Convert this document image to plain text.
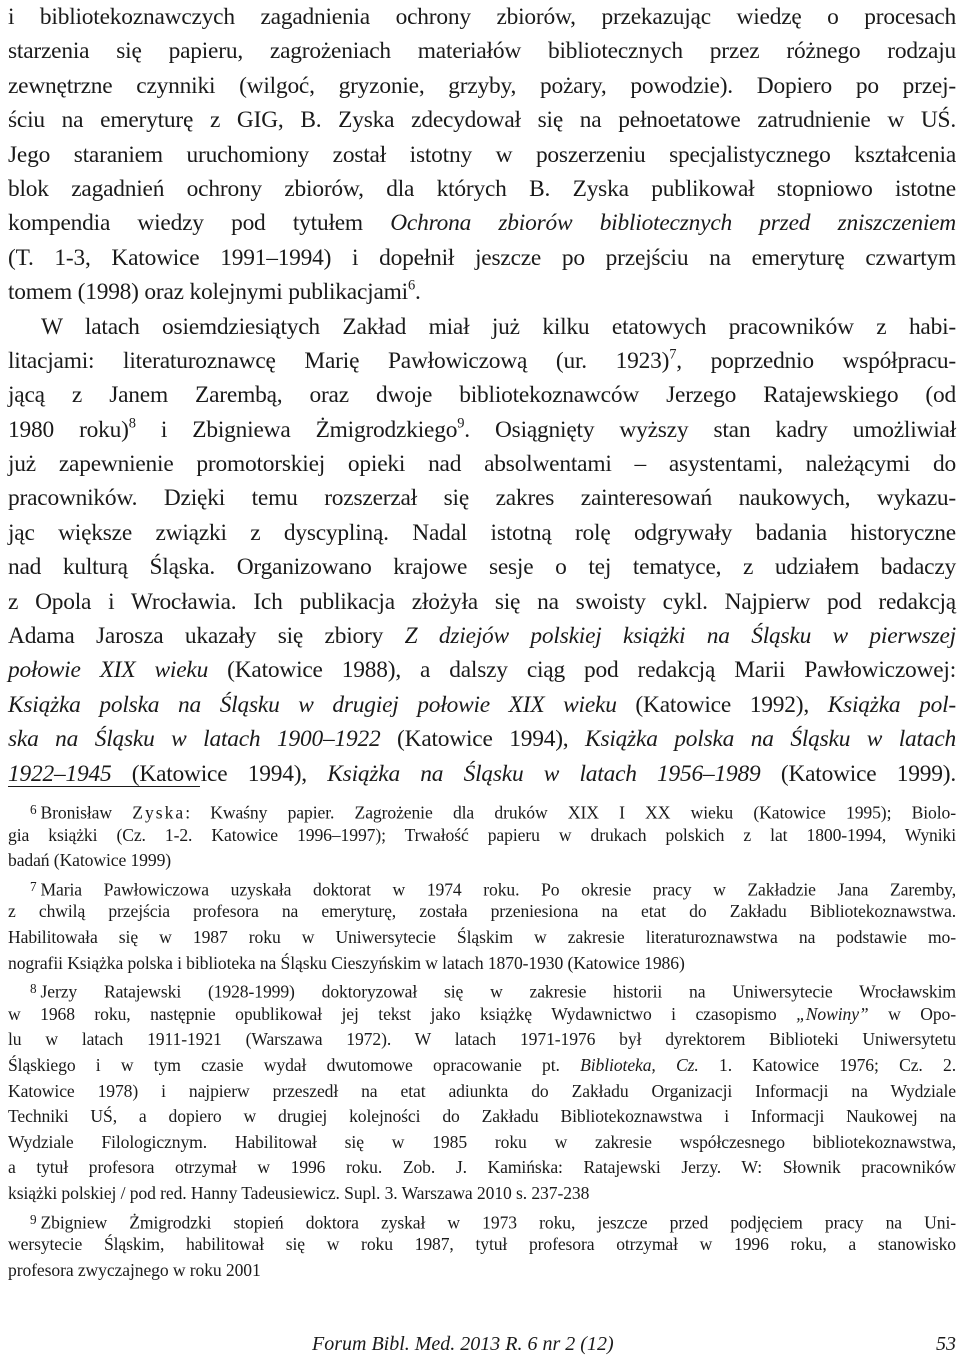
i bibliotekoznawczych zagadnienia ochrony zbiorów, przekazując wiedzę o procesach
starzenia się papieru, zagrożeniach materiałów bibliotecznych przez różnego rodzaju
zewnętrzne czynniki (wilgoć, gryzonie, grzyby, pożary, powodzie). Dopiero po przej-
ściu na emeryturę z GIG, B. Zyska zdecydował się na pełnoetatowe zatrudnienie w UŚ.
Jego staraniem uruchomiony został istotny w poszerzeniu specjalistycznego kształcenia
blok zagadnień ochrony zbiorów, dla których B. Zyska publikował stopniowo istotne
kompendia wiedzy pod tytułem Ochrona zbiorów bibliotecznych przed zniszczeniem
(T. 1-3, Katowice 1991–1994) i dopełnił jeszcze po przejściu na emeryturę czwartym
tomem (1998) oraz kolejnymi publikacjami$^6$.
W latach osiemdziesiątych Zakład miał już kilku etatowych pracowników z habi-
litacjami: literaturoznawcę Marię Pawłowiczową (ur. 1923)$^7$, poprzednio współpracu-
jącą z Janem Zarembą, oraz dwoje bibliotekoznawców Jerzego Ratajewskiego (od
1980 roku)$^8$ i Zbigniewa Żmigrodzkiego$^9$. Osiągnięty wyższy stan kadry umożliwiał
już zapewnienie promotorskiej opieki nad absolwentami – asystentami, należącymi do
pracowników. Dzięki temu rozszerzał się zakres zainteresowań naukowych, wykazu-
jąc większe związki z dyscypliną. Nadal istotną rolę odgrywały badania historyczne
nad kulturą Śląska. Organizowano krajowe sesje o tej tematyce, z udziałem badaczy
z Opola i Wrocławia. Ich publikacja złożyła się na swoisty cykl. Najpierw pod redakcją
Adama Jarosza ukazały się zbiory Z dziejów polskiej książki na Śląsku w pierwszej
połowie XIX wieku (Katowice 1988), a dalszy ciąg pod redakcją Marii Pawłowiczowej:
Książka polska na Śląsku w drugiej połowie XIX wieku (Katowice 1992), Książka pol-
ska na Śląsku w latach 1900–1922 (Katowice 1994), Książka polska na Śląsku w latach
1922–1945 (Katowice 1994), Książka na Śląsku w latach 1956–1989 (Katowice 1999).
$^6$ Bronisław Zyska: Kwaśny papier. Zagrożenie dla druków XIX I XX wieku (Katowice 1995); Biolo-
gia książki (Cz. 1-2. Katowice 1996–1997); Trwałość papieru w drukach polskich z lat 1800-1994, Wyniki
badań (Katowice 1999)
$^7$ Maria Pawłowiczowa uzyskała doktorat w 1974 roku. Po okresie pracy w Zakładzie Jana Zaremby,
z chwilą przejścia profesora na emeryturę, została przeniesiona na etat do Zakładu Bibliotekoznawstwa.
Habilitowała się w 1987 roku w Uniwersytecie Śląskim w zakresie literaturoznawstwa na podstawie mo-
nografii Książka polska i biblioteka na Śląsku Cieszyńskim w latach 1870-1930 (Katowice 1986)
$^8$ Jerzy Ratajewski (1928-1999) doktoryzował się w zakresie historii na Uniwersytecie Wrocławskim
w 1968 roku, następnie opublikował jej tekst jako książkę Wydawnictwo i czasopismo „Nowiny” w Opo-
lu w latach 1911-1921 (Warszawa 1972). W latach 1971-1976 był dyrektorem Biblioteki Uniwersytetu
Śląskiego i w tym czasie wydał dwutomowe opracowanie pt. Biblioteka, Cz. 1. Katowice 1976; Cz. 2.
Katowice 1978) i najpierw przeszedł na etat adiunkta do Zakładu Organizacji Informacji na Wydziale
Techniki UŚ, a dopiero w drugiej kolejności do Zakładu Bibliotekoznawstwa i Informacji Naukowej na
Wydziale Filologicznym. Habilitował się w 1985 roku w zakresie współczesnego bibliotekoznawstwa,
a tytuł profesora otrzymał w 1996 roku. Zob. J. Kamińska: Ratajewski Jerzy. W: Słownik pracowników
książki polskiej / pod red. Hanny Tadeusiewicz. Supl. 3. Warszawa 2010 s. 237-238
$^9$ Zbigniew Żmigrodzki stopień doktora zyskał w 1973 roku, jeszcze przed podjęciem pracy na Uni-
wersytecie Śląskim, habilitował się w roku 1987, tytuł profesora otrzymał w 1996 roku, a stanowisko
profesora zwyczajnego w roku 2001
Forum Bibl. Med. 2013 R. 6 nr 2 (12)	53
